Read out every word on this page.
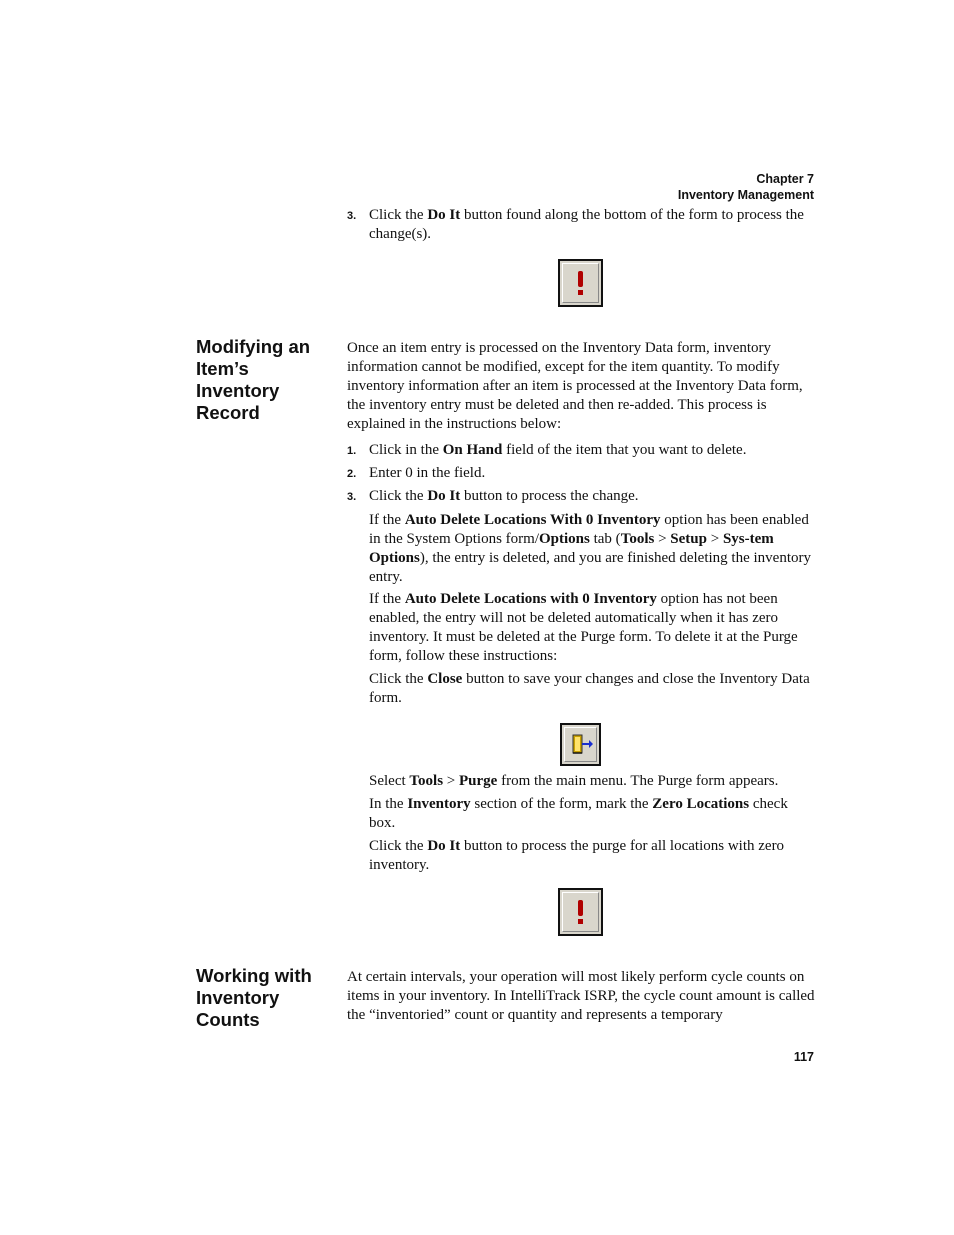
Chapter 7
Inventory Management
3. Click the Do It button found along the bottom of the form to process the change(s).
Modifying an
Item’s
Inventory
Record
Once an item entry is processed on the Inventory Data form, inventory information cannot be modified, except for the item quantity. To modify inventory information after an item is processed at the Inventory Data form, the inventory entry must be deleted and then re-added. This process is explained in the instructions below:
1. Click in the On Hand field of the item that you want to delete.
2. Enter 0 in the field.
3. Click the Do It button to process the change.
If the Auto Delete Locations With 0 Inventory option has been enabled in the System Options form/Options tab (Tools > Setup > Sys-tem Options), the entry is deleted, and you are finished deleting the inventory entry.
If the Auto Delete Locations with 0 Inventory option has not been enabled, the entry will not be deleted automatically when it has zero inventory. It must be deleted at the Purge form. To delete it at the Purge form, follow these instructions:
Click the Close button to save your changes and close the Inventory Data form.
Select Tools > Purge from the main menu. The Purge form appears.
In the Inventory section of the form, mark the Zero Locations check box.
Click the Do It button to process the purge for all locations with zero inventory.
Working with
Inventory
Counts
At certain intervals, your operation will most likely perform cycle counts on items in your inventory. In IntelliTrack ISRP, the cycle count amount is called the “inventoried” count or quantity and represents a temporary
117
